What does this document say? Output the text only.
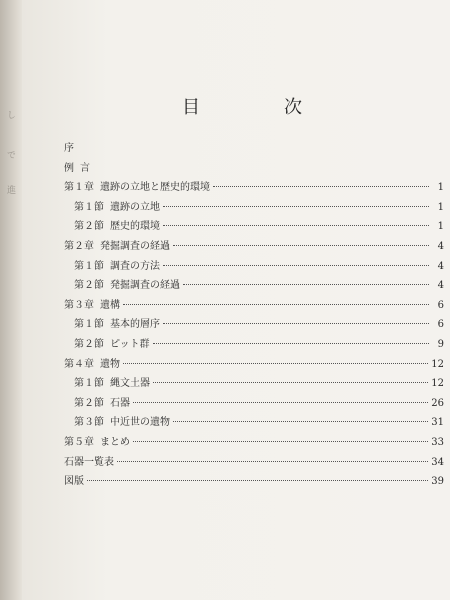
し
で
進
目	次
序
例言
第１章 遺跡の立地と歴史的環境	1
第１節 遺跡の立地	1
第２節 歴史的環境	1
第２章 発掘調査の経過	4
第１節 調査の方法	4
第２節 発掘調査の経過	4
第３章 遺構	6
第１節 基本的層序	6
第２節 ピット群	9
第４章 遺物	12
第１節 縄文土器	12
第２節 石器	26
第３節 中近世の遺物	31
第５章 まとめ	33
石器一覧表	34
図版	39
